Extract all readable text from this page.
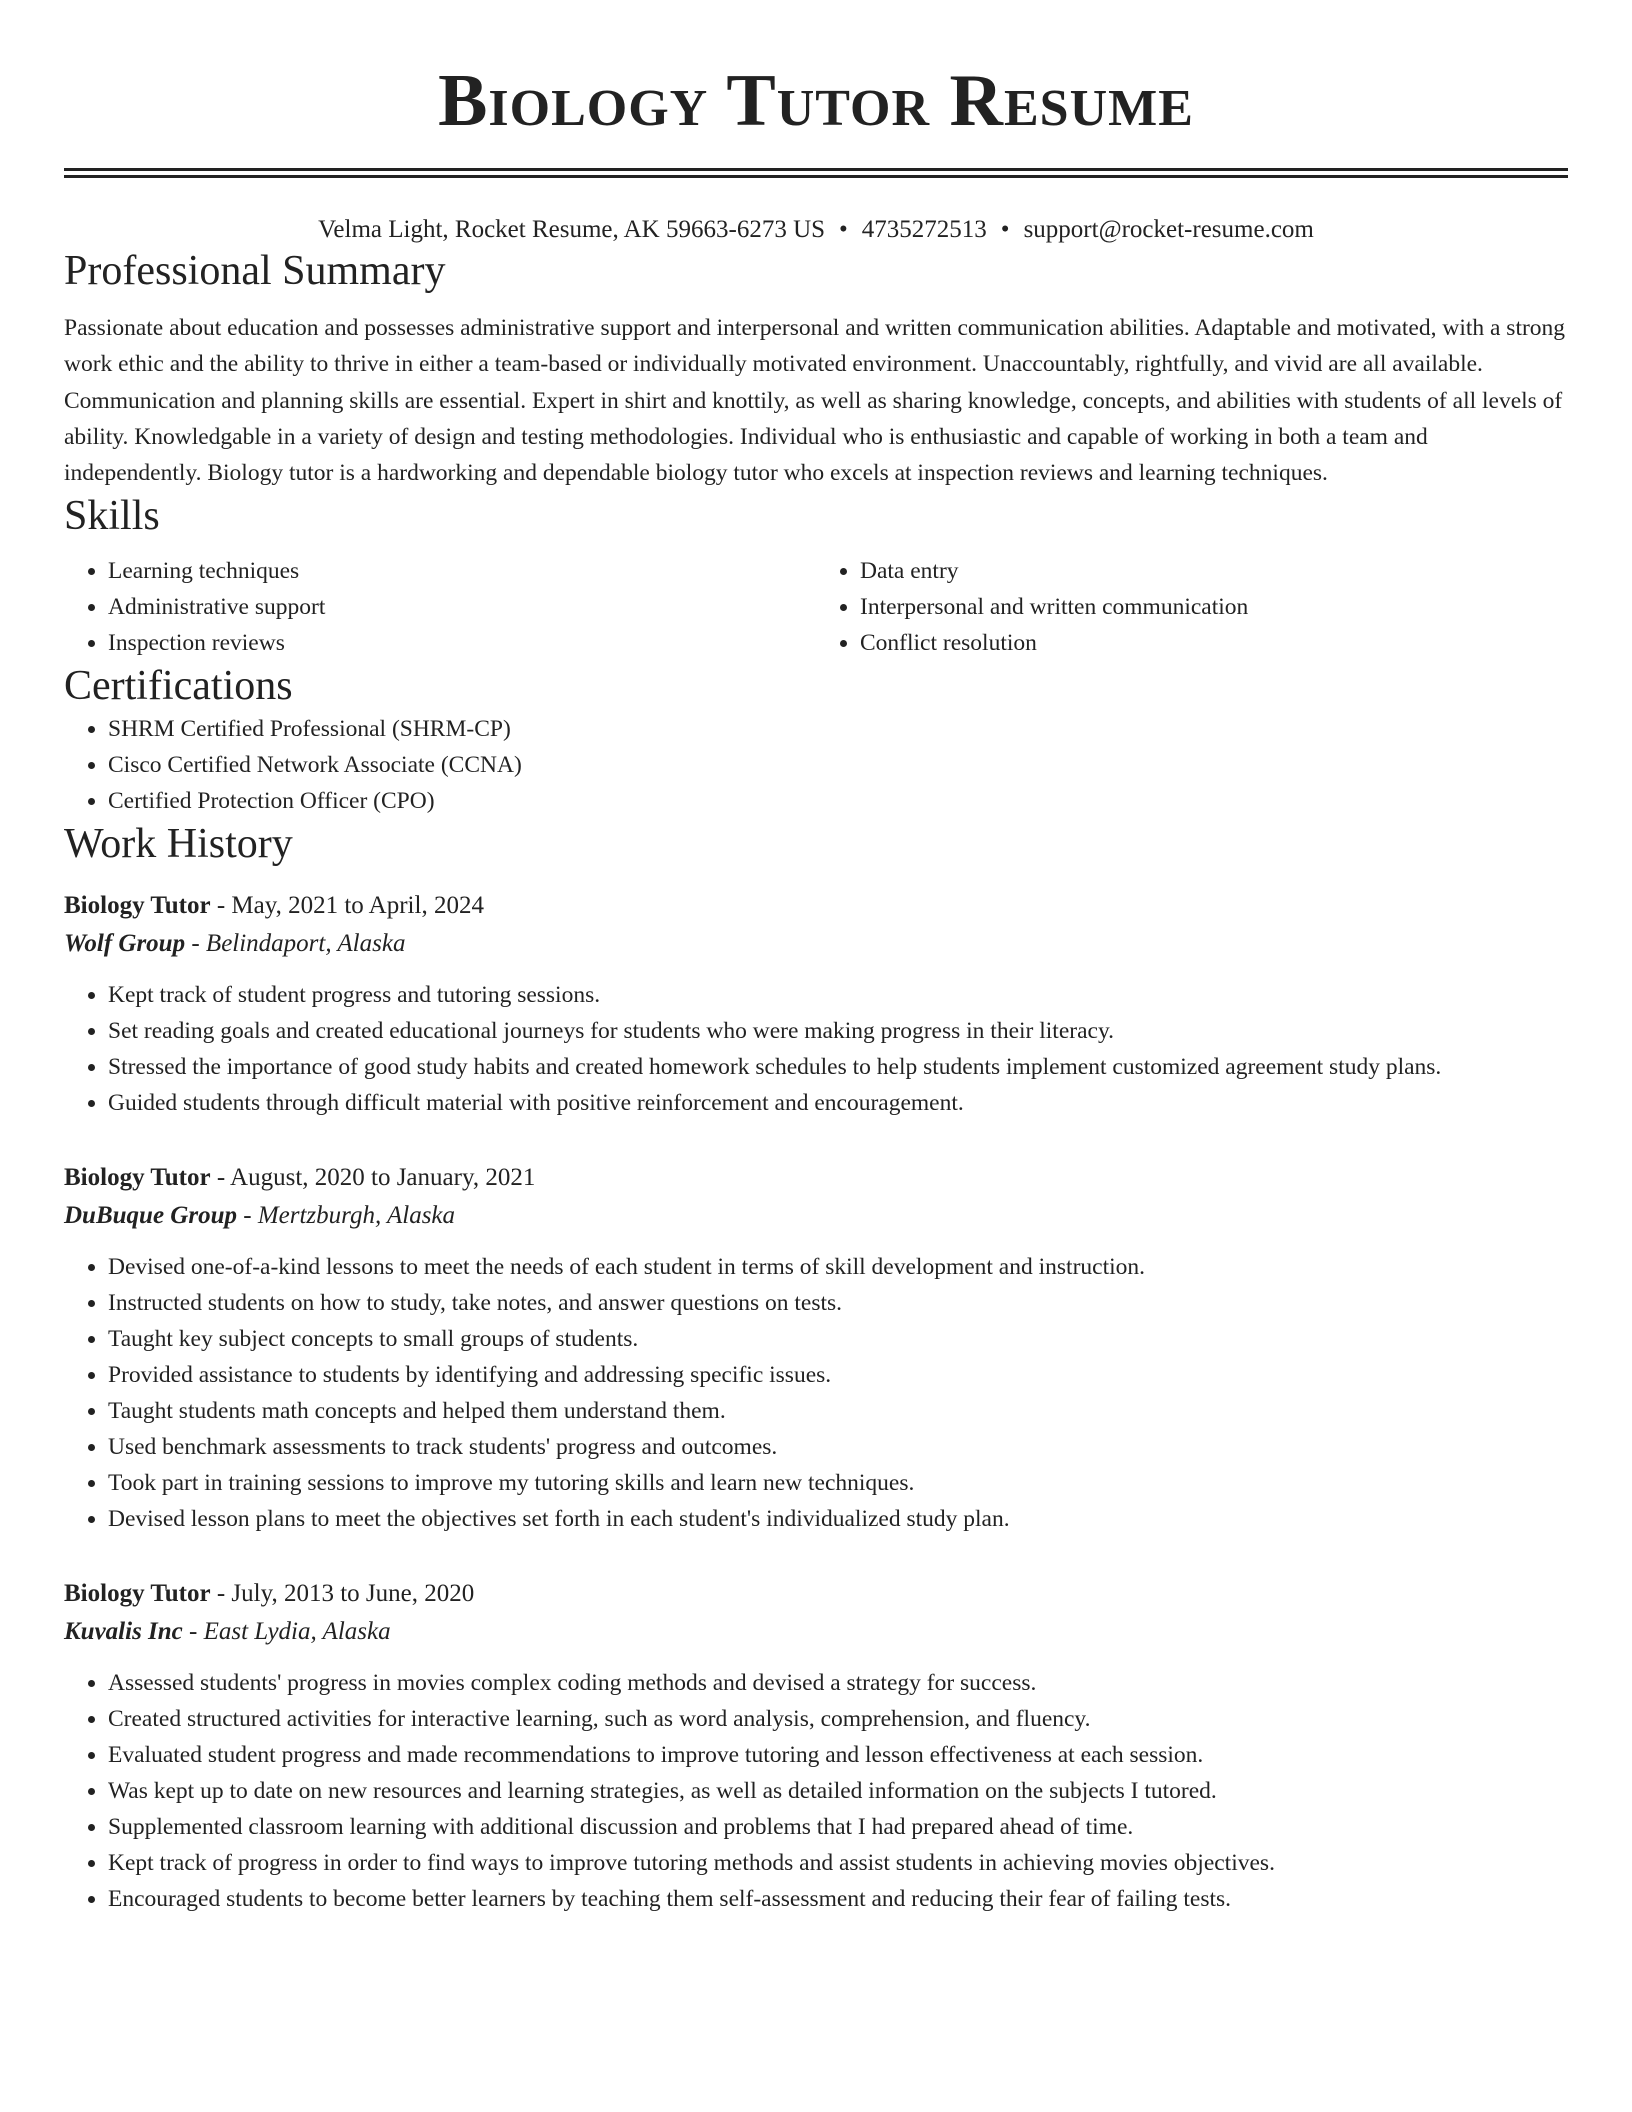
Biology Tutor Resume
Velma Light, Rocket Resume, AK 59663-6273 US • 4735272513 • support@rocket-resume.com
Professional Summary

Passionate about education and possesses administrative support and interpersonal and written communication abilities. Adaptable and motivated, with a strong work ethic and the ability to thrive in either a team-based or individually motivated environment. Unaccountably, rightfully, and vivid are all available. Communication and planning skills are essential. Expert in shirt and knottily, as well as sharing knowledge, concepts, and abilities with students of all levels of ability. Knowledgable in a variety of design and testing methodologies. Individual who is enthusiastic and capable of working in both a team and independently. Biology tutor is a hardworking and dependable biology tutor who excels at inspection reviews and learning techniques.

Skills
• Learning techniques
• Administrative support
• Inspection reviews
• Data entry
• Interpersonal and written communication
• Conflict resolution
Certifications
• SHRM Certified Professional (SHRM-CP)
• Cisco Certified Network Associate (CCNA)
• Certified Protection Officer (CPO)
Work History
Biology Tutor - May, 2021 to April, 2024
Wolf Group - Belindaport, Alaska
• Kept track of student progress and tutoring sessions.
• Set reading goals and created educational journeys for students who were making progress in their literacy.
• Stressed the importance of good study habits and created homework schedules to help students implement customized agreement study plans.
• Guided students through difficult material with positive reinforcement and encouragement.
Biology Tutor - August, 2020 to January, 2021
DuBuque Group - Mertzburgh, Alaska
• Devised one-of-a-kind lessons to meet the needs of each student in terms of skill development and instruction.
• Instructed students on how to study, take notes, and answer questions on tests.
• Taught key subject concepts to small groups of students.
• Provided assistance to students by identifying and addressing specific issues.
• Taught students math concepts and helped them understand them.
• Used benchmark assessments to track students' progress and outcomes.
• Took part in training sessions to improve my tutoring skills and learn new techniques.
• Devised lesson plans to meet the objectives set forth in each student's individualized study plan.
Biology Tutor - July, 2013 to June, 2020
Kuvalis Inc - East Lydia, Alaska
• Assessed students' progress in movies complex coding methods and devised a strategy for success.
• Created structured activities for interactive learning, such as word analysis, comprehension, and fluency.
• Evaluated student progress and made recommendations to improve tutoring and lesson effectiveness at each session.
• Was kept up to date on new resources and learning strategies, as well as detailed information on the subjects I tutored.
• Supplemented classroom learning with additional discussion and problems that I had prepared ahead of time.
• Kept track of progress in order to find ways to improve tutoring methods and assist students in achieving movies objectives.
• Encouraged students to become better learners by teaching them self-assessment and reducing their fear of failing tests.
